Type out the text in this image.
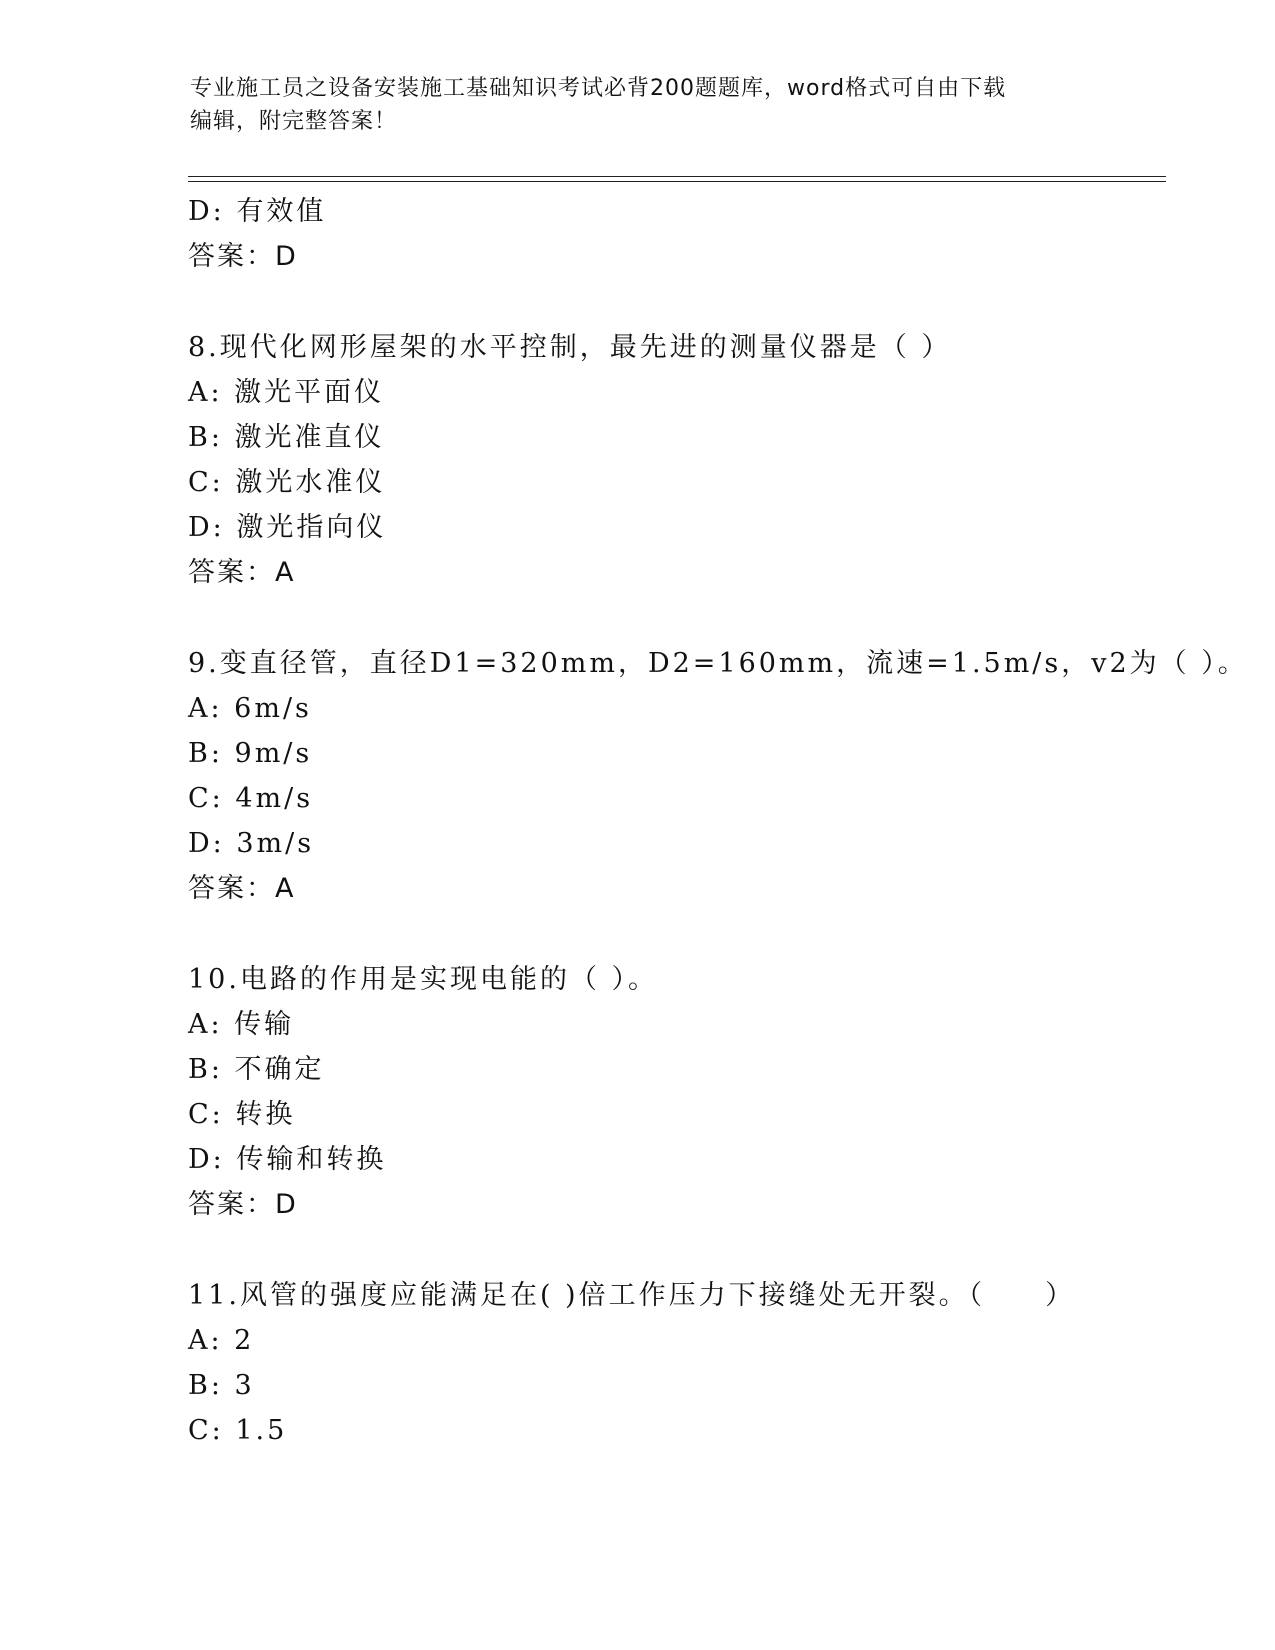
专业施工员之设备安装施工基础知识考试必背200题题库，word格式可自由下载
编辑，附完整答案！
D: 有效值
答案：D
8.现代化网形屋架的水平控制，最先进的测量仪器是（ ）
A: 激光平面仪
B: 激光准直仪
C: 激光水准仪
D: 激光指向仪
答案：A
9.变直径管，直径D1=320mm，D2=160mm，流速=1.5m/s，v2为（ ）。
A: 6m/s
B: 9m/s
C: 4m/s
D: 3m/s
答案：A
10.电路的作用是实现电能的（ ）。
A: 传输
B: 不确定
C: 转换
D: 传输和转换
答案：D
11.风管的强度应能满足在( )倍工作压力下接缝处无开裂。（　　）
A: 2
B: 3
C: 1.5
